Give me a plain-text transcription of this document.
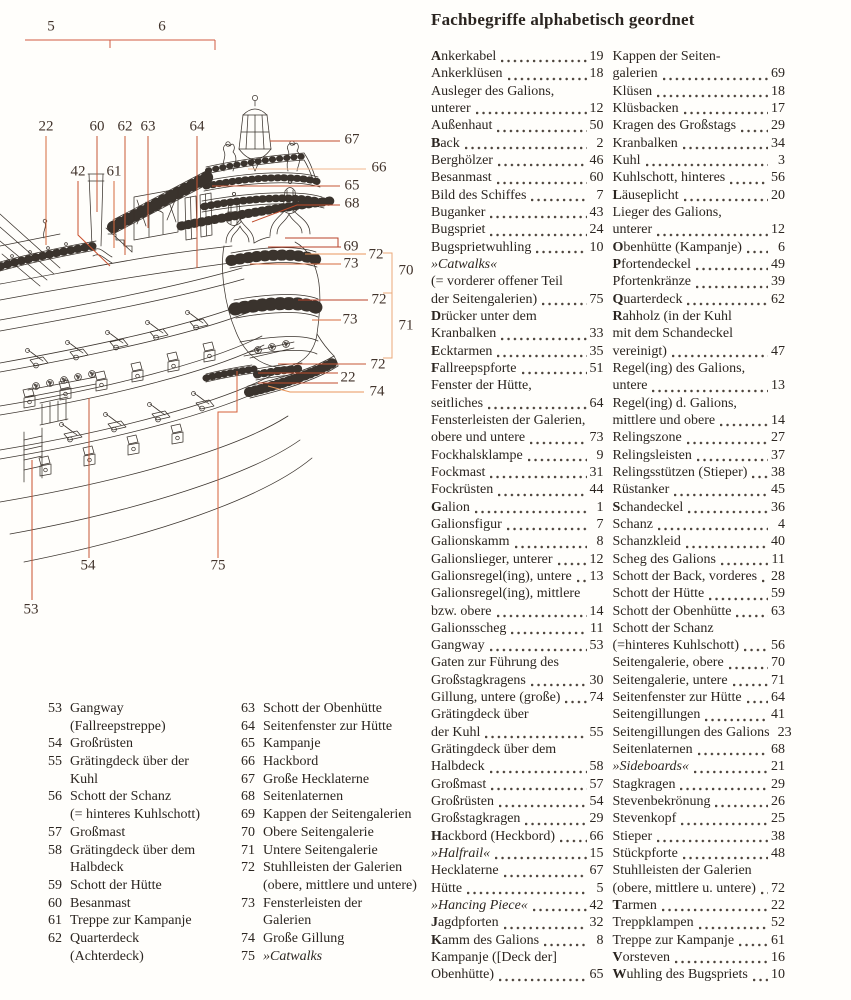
5	6
22 60 62 63 64
42 61
67
66
65
68
69 72
73	70
72
73	71
72
22
74
54	75
53
Fachbegriffe alphabetisch geordnet
Ankerkabel	19
Ankerklüsen	18
Ausleger des Galions,
unterer	12
Außenhaut	50
Back	2
Berghölzer	46
Besanmast	60
Bild des Schiffes	7
Buganker	43
Bugspriet	24
Bugsprietwuhling	10
»Catwalks«
(= vorderer offener Teil
der Seitengalerien)	75
Drücker unter dem
Kranbalken	33
Ecktarmen	35
Fallreepspforte	51
Fenster der Hütte,
seitliches	64
Fensterleisten der Galerien,
obere und untere	73
Fockhalsklampe	9
Fockmast	31
Fockrüsten	44
Galion	1
Galionsfigur	7
Galionskamm	8
Galionslieger, unterer	12
Galionsregel(ing), untere 13
Galionsregel(ing), mittlere
bzw. obere	14
Galionsscheg	11
Gangway	53
Gaten zur Führung des
Großstagkragens	30
Gillung, untere (große) 74
Grätingdeck über
der Kuhl	55
Grätingdeck über dem
Halbdeck	58
Großmast	57
Großrüsten	54
Großstagkragen	29
Hackbord (Heckbord) 66
»Halfrail«	15
Hecklaterne	67
Hütte	5
»Hancing Piece«	42
Jagdpforten	32
Kamm des Galions	8
Kampanje ([Deck der]
Obenhütte)	65
Kappen der Seiten-
galerien	69
Klüsen	18
Klüsbacken	17
Kragen des Großstags 29
Kranbalken	34
Kuhl	3
Kuhlschott, hinteres	56
Läuseplicht	20
Lieger des Galions,
unterer	12
Obenhütte (Kampanje)	6
Pfortendeckel	49
Pfortenkränze	39
Quarterdeck	62
Rahholz (in der Kuhl
mit dem Schandeckel
vereinigt)	47
Regel(ing) des Galions,
untere	13
Regel(ing) d. Galions,
mittlere und obere	14
Relingszone	27
Relingsleisten	37
Relingsstützen (Stieper) 38
Rüstanker	45
Schandeckel	36
Schanz	4
Schanzkleid	40
Scheg des Galions	11
Schott der Back, vorderes 28
Schott der Hütte	59
Schott der Obenhütte	63
Schott der Schanz
(=hinteres Kuhlschott) 56
Seitengalerie, obere	70
Seitengalerie, untere	71
Seitenfenster zur Hütte 64
Seitengillungen	41
Seitengillungen des Galions 23
Seitenlaternen	68
»Sideboards«	21
Stagkragen	29
Stevenbekrönung	26
Stevenkopf	25
Stieper	38
Stückpforte	48
Stuhlleisten der Galerien
(obere, mittlere u. untere) 72
Tarmen	22
Treppklampen	52
Treppe zur Kampanje	61
Vorsteven	16
Wuhling des Bugspriets 10
53 Gangway
(Fallreepstreppe)
54 Großrüsten
55 Grätingdeck über der
Kuhl
56 Schott der Schanz
(= hinteres Kuhlschott)
57 Großmast
58 Grätingdeck über dem
Halbdeck
59 Schott der Hütte
60 Besanmast
61 Treppe zur Kampanje
62 Quarterdeck
(Achterdeck)
63 Schott der Obenhütte
64 Seitenfenster zur Hütte
65 Kampanje
66 Hackbord
67 Große Hecklaterne
68 Seitenlaternen
69 Kappen der Seitengalerien
70 Obere Seitengalerie
71 Untere Seitengalerie
72 Stuhlleisten der Galerien
(obere, mittlere und untere)
73 Fensterleisten der
Galerien
74 Große Gillung
75 »Catwalks
